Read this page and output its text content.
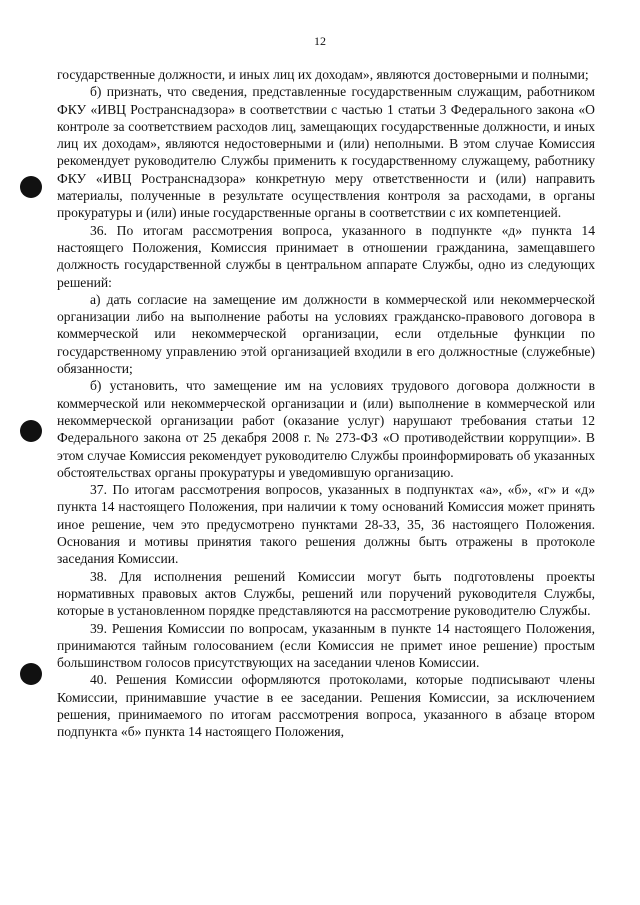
12

государственные должности, и иных лиц их доходам», являются достоверными и полными;

б) признать, что сведения, представленные государственным служащим, работником ФКУ «ИВЦ Ространснадзора» в соответствии с частью 1 статьи 3 Федерального закона «О контроле за соответствием расходов лиц, замещающих государственные должности, и иных лиц их доходам», являются недостоверными и (или) неполными. В этом случае Комиссия рекомендует руководителю Службы применить к государственному служащему, работнику ФКУ «ИВЦ Ространснадзора» конкретную меру ответственности и (или) направить материалы, полученные в результате осуществления контроля за расходами, в органы прокуратуры и (или) иные государственные органы в соответствии с их компетенцией.

36. По итогам рассмотрения вопроса, указанного в подпункте «д» пункта 14 настоящего Положения, Комиссия принимает в отношении гражданина, замещавшего должность государственной службы в центральном аппарате Службы, одно из следующих решений:

а) дать согласие на замещение им должности в коммерческой или некоммерческой организации либо на выполнение работы на условиях гражданско-правового договора в коммерческой или некоммерческой организации, если отдельные функции по государственному управлению этой организацией входили в его должностные (служебные) обязанности;

б) установить, что замещение им на условиях трудового договора должности в коммерческой или некоммерческой организации и (или) выполнение в коммерческой или некоммерческой организации работ (оказание услуг) нарушают требования статьи 12 Федерального закона от 25 декабря 2008 г. № 273-ФЗ «О противодействии коррупции». В этом случае Комиссия рекомендует руководителю Службы проинформировать об указанных обстоятельствах органы прокуратуры и уведомившую организацию.

37. По итогам рассмотрения вопросов, указанных в подпунктах «а», «б», «г» и «д» пункта 14 настоящего Положения, при наличии к тому оснований Комиссия может принять иное решение, чем это предусмотрено пунктами 28-33, 35, 36 настоящего Положения. Основания и мотивы принятия такого решения должны быть отражены в протоколе заседания Комиссии.

38. Для исполнения решений Комиссии могут быть подготовлены проекты нормативных правовых актов Службы, решений или поручений руководителя Службы, которые в установленном порядке представляются на рассмотрение руководителю Службы.

39. Решения Комиссии по вопросам, указанным в пункте 14 настоящего Положения, принимаются тайным голосованием (если Комиссия не примет иное решение) простым большинством голосов присутствующих на заседании членов Комиссии.

40. Решения Комиссии оформляются протоколами, которые подписывают члены Комиссии, принимавшие участие в ее заседании. Решения Комиссии, за исключением решения, принимаемого по итогам рассмотрения вопроса, указанного в абзаце втором подпункта «б» пункта 14 настоящего Положения,
